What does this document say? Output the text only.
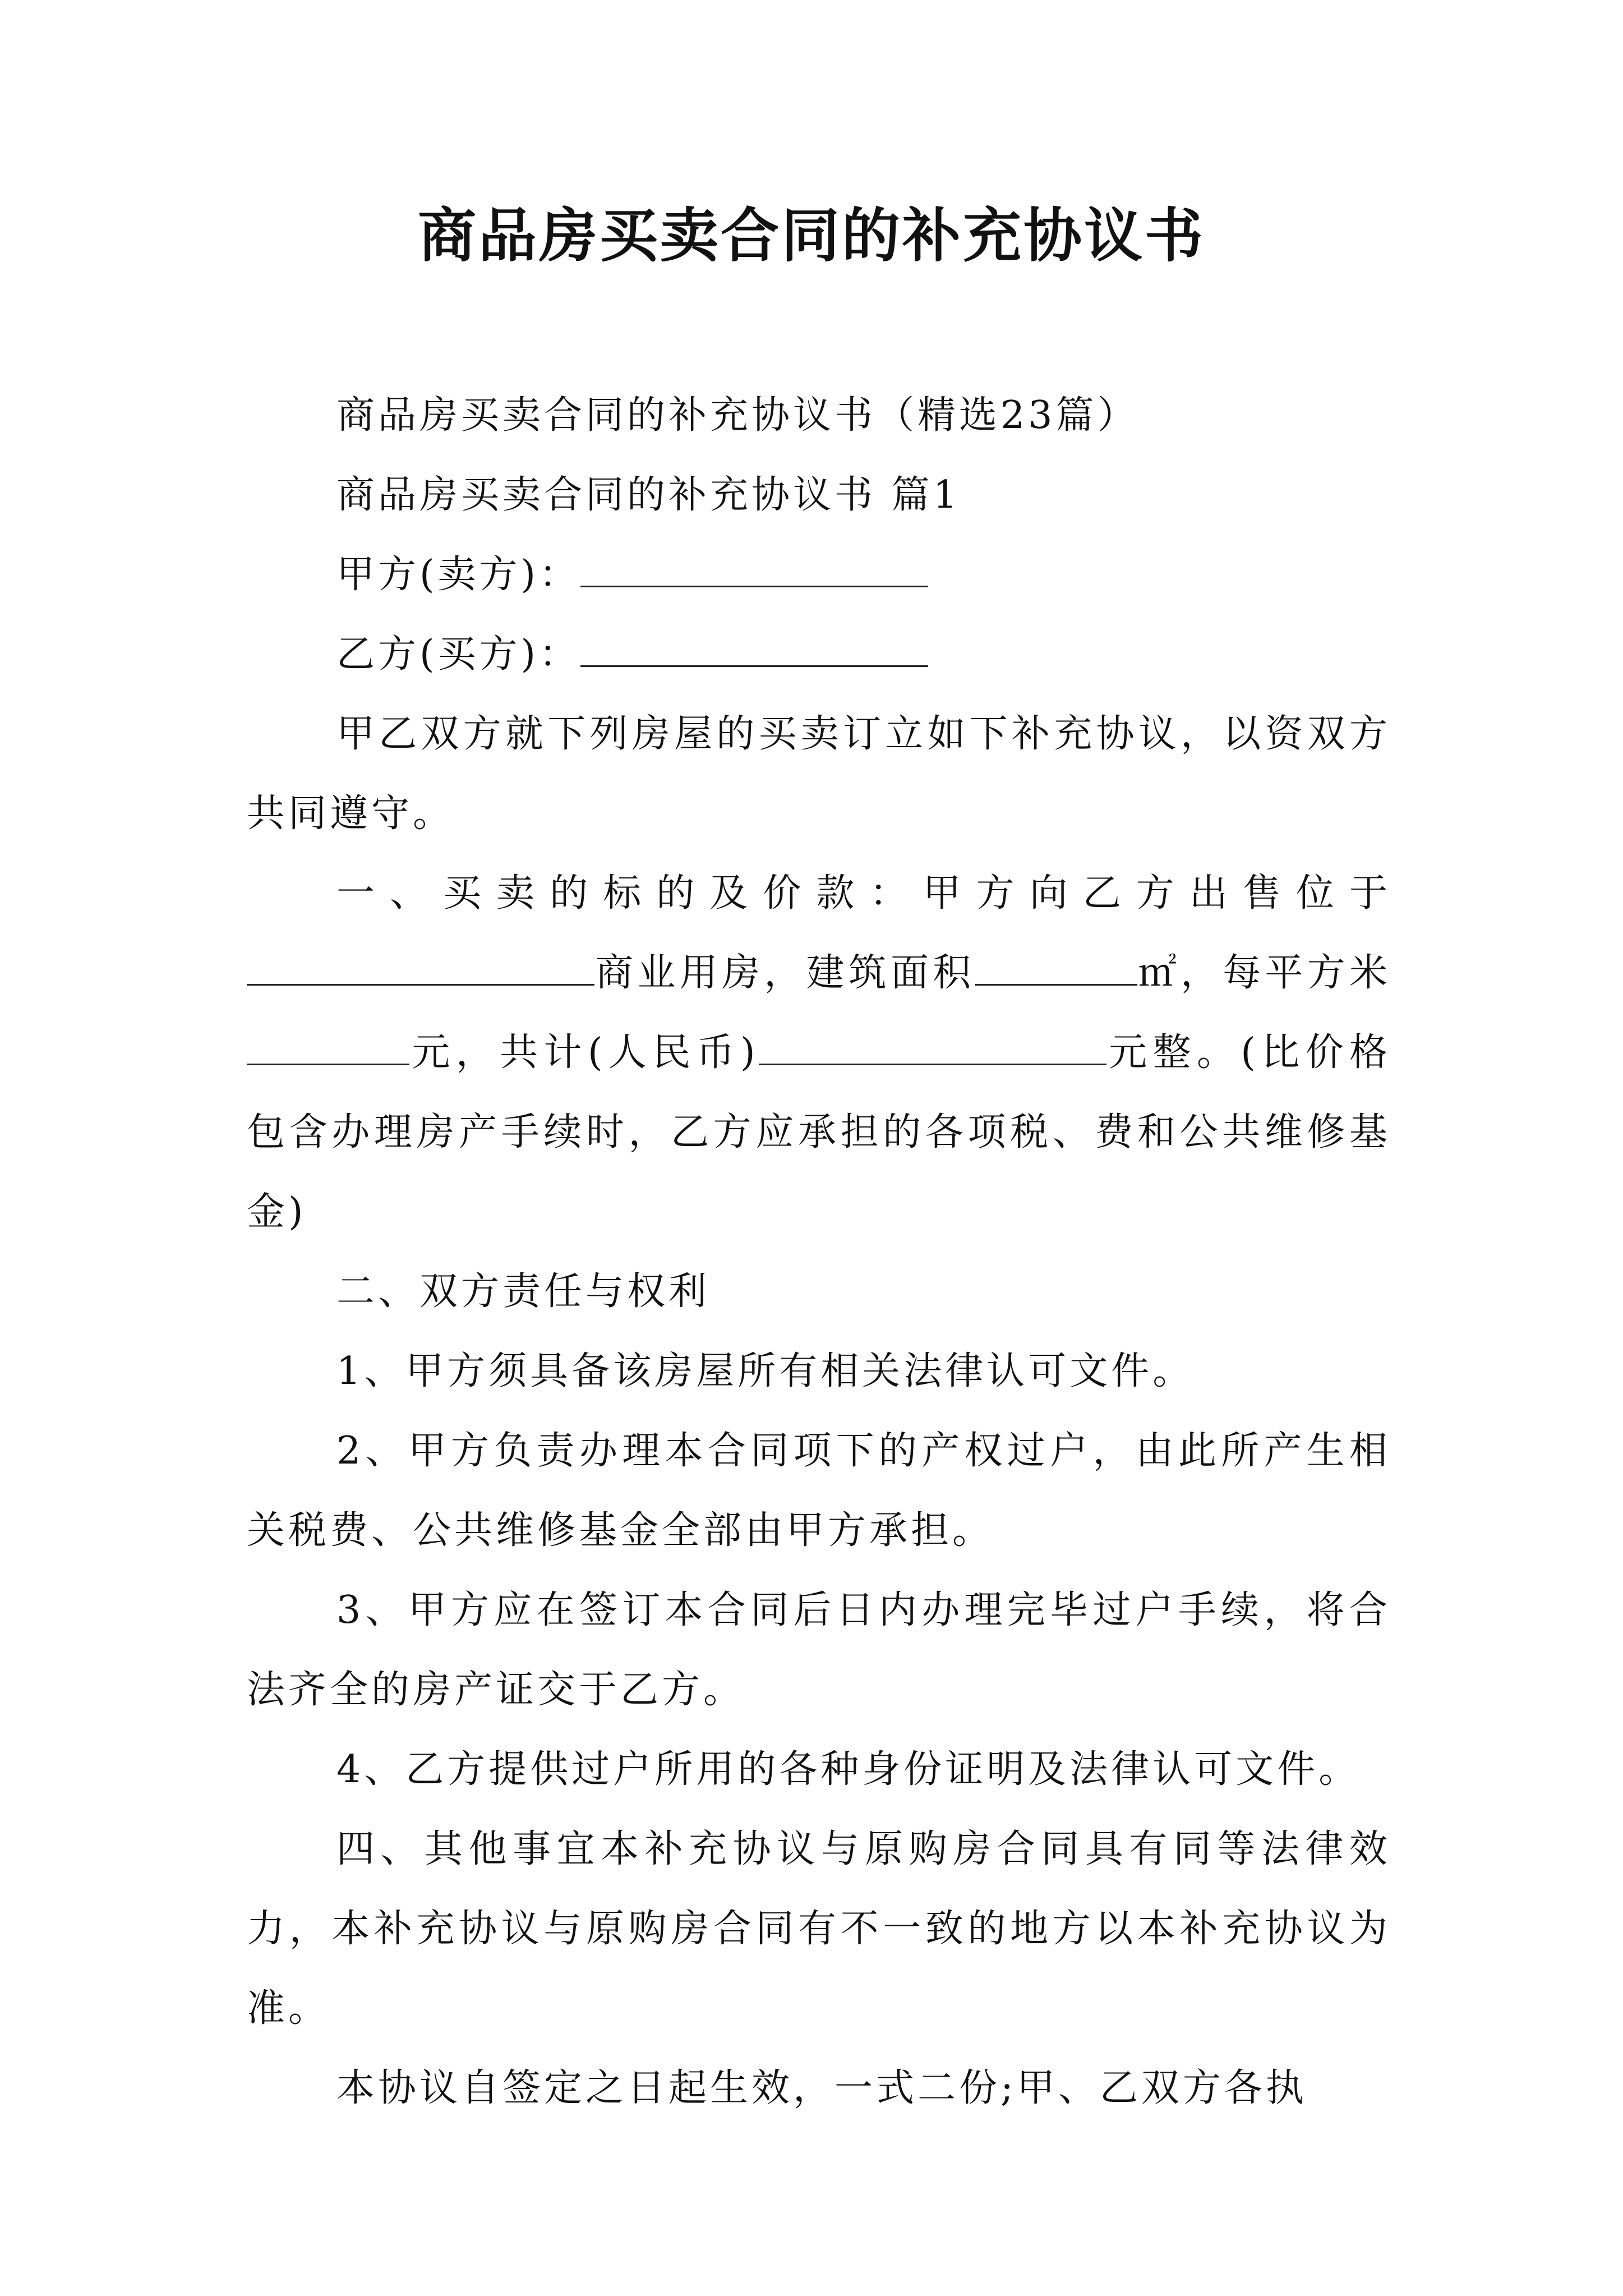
商品房买卖合同的补充协议书

商品房买卖合同的补充协议书（精选23篇）

商品房买卖合同的补充协议书 篇1

甲方(卖方)：

乙方(买方)：

甲乙双方就下列房屋的买卖订立如下补充协议，以资双方共同遵守。

一、买卖的标的及价款：甲方向乙方出售位于商业用房，建筑面积	㎡，每平方米元，共计(人民币)	元整。(比价格包含办理房产手续时，乙方应承担的各项税、费和公共维修基金)

二、双方责任与权利

1、甲方须具备该房屋所有相关法律认可文件。

2、甲方负责办理本合同项下的产权过户，由此所产生相关税费、公共维修基金全部由甲方承担。

3、甲方应在签订本合同后日内办理完毕过户手续，将合法齐全的房产证交于乙方。

4、乙方提供过户所用的各种身份证明及法律认可文件。

四、其他事宜本补充协议与原购房合同具有同等法律效力，本补充协议与原购房合同有不一致的地方以本补充协议为准。

本协议自签定之日起生效，一式二份;甲、乙双方各执
